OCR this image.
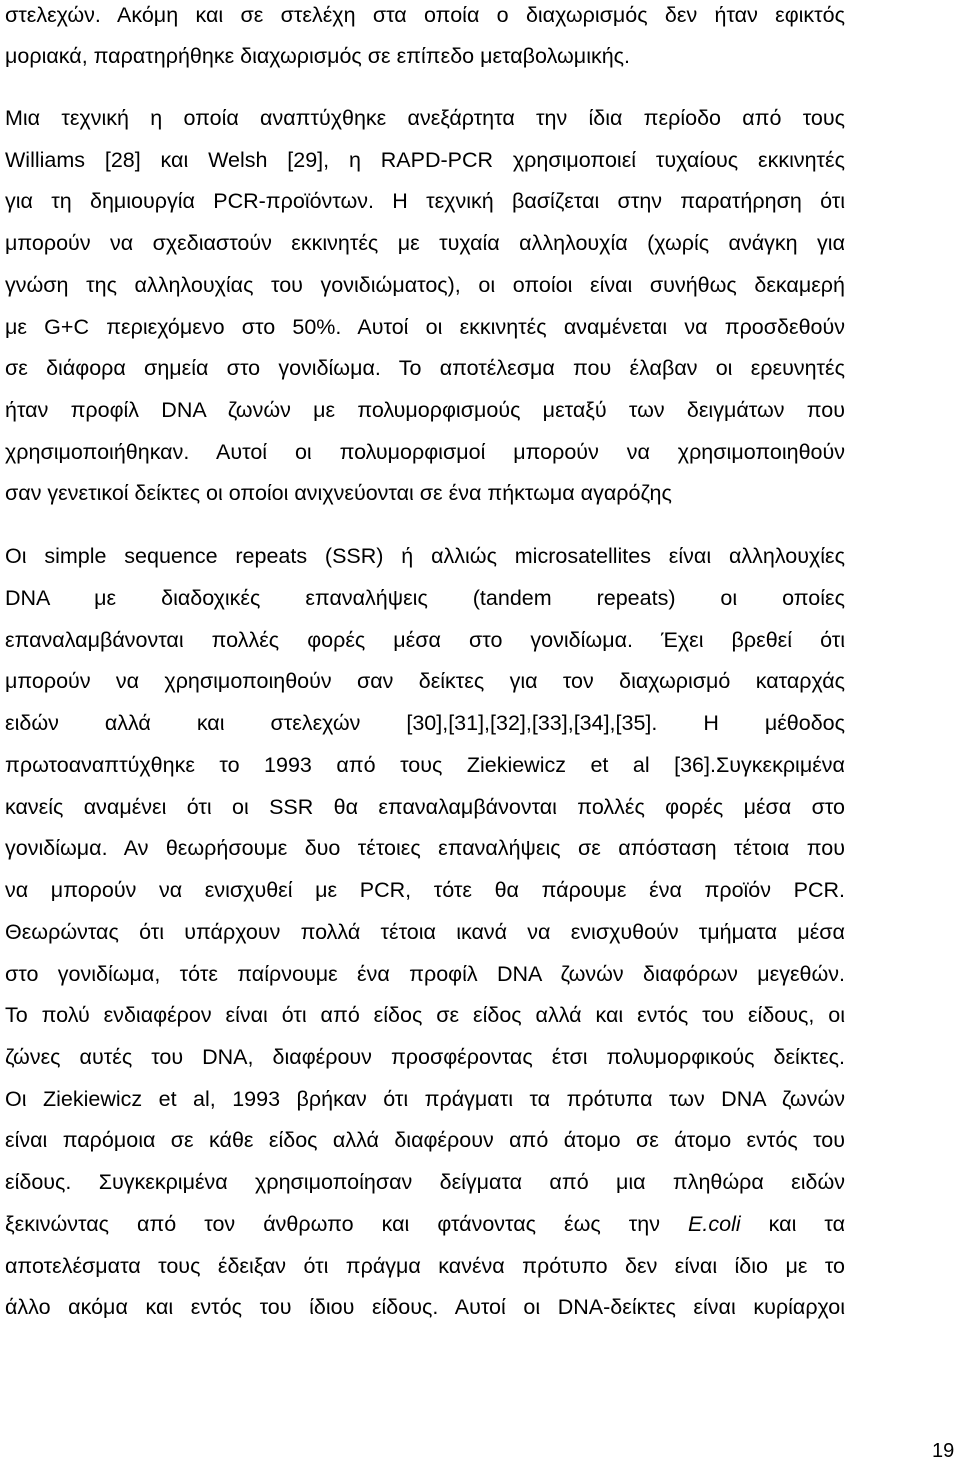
στελεχών. Ακόμη και σε στελέχη στα οποία ο διαχωρισμός δεν ήταν εφικτός
μοριακά, παρατηρήθηκε διαχωρισμός σε επίπεδο μεταβολωμικής.
Μια τεχνική η οποία αναπτύχθηκε ανεξάρτητα την ίδια περίοδο από τους
Williams [28] και Welsh [29], η RAPD-PCR χρησιμοποιεί τυχαίους εκκινητές
για τη δημιουργία PCR-προϊόντων. Η τεχνική βασίζεται στην παρατήρηση ότι
μπορούν να σχεδιαστούν εκκινητές με τυχαία αλληλουχία (χωρίς ανάγκη για
γνώση της αλληλουχίας του γονιδιώματος), οι οποίοι είναι συνήθως δεκαμερή
με G+C περιεχόμενο στο 50%. Αυτοί οι εκκινητές αναμένεται να προσδεθούν
σε διάφορα σημεία στο γονιδίωμα. Το αποτέλεσμα που έλαβαν οι ερευνητές
ήταν προφίλ DNA ζωνών με πολυμορφισμούς μεταξύ των δειγμάτων που
χρησιμοποιήθηκαν. Αυτοί οι πολυμορφισμοί μπορούν να χρησιμοποιηθούν
σαν γενετικοί δείκτες οι οποίοι ανιχνεύονται σε ένα πήκτωμα αγαρόζης
Οι simple sequence repeats (SSR) ή αλλιώς microsatellites είναι αλληλουχίες
DNA με διαδοχικές επαναλήψεις (tandem repeats) οι οποίες
επαναλαμβάνονται πολλές φορές μέσα στο γονιδίωμα. Έχει βρεθεί ότι
μπορούν να χρησιμοποιηθούν σαν δείκτες για τον διαχωρισμό καταρχάς
ειδών αλλά και στελεχών [30],[31],[32],[33],[34],[35]. Η μέθοδος
πρωτοαναπτύχθηκε το 1993 από τους Ziekiewicz et al [36].Συγκεκριμένα
κανείς αναμένει ότι οι SSR θα επαναλαμβάνονται πολλές φορές μέσα στο
γονιδίωμα. Αν θεωρήσουμε δυο τέτοιες επαναλήψεις σε απόσταση τέτοια που
να μπορούν να ενισχυθεί με PCR, τότε θα πάρουμε ένα προϊόν PCR.
Θεωρώντας ότι υπάρχουν πολλά τέτοια ικανά να ενισχυθούν τμήματα μέσα
στο γονιδίωμα, τότε παίρνουμε ένα προφίλ DNA ζωνών διαφόρων μεγεθών.
Το πολύ ενδιαφέρον είναι ότι από είδος σε είδος αλλά και εντός του είδους, οι
ζώνες αυτές του DNA, διαφέρουν προσφέροντας έτσι πολυμορφικούς δείκτες.
Οι Ziekiewicz et al, 1993 βρήκαν ότι πράγματι τα πρότυπα των DNA ζωνών
είναι παρόμοια σε κάθε είδος αλλά διαφέρουν από άτομο σε άτομο εντός του
είδους. Συγκεκριμένα χρησιμοποίησαν δείγματα από μια πληθώρα ειδών
ξεκινώντας από τον άνθρωπο και φτάνοντας έως την E.coli και τα
αποτελέσματα τους έδειξαν ότι πράγμα κανένα πρότυπο δεν είναι ίδιο με το
άλλο ακόμα και εντός του ίδιου είδους. Αυτοί οι DNA-δείκτες είναι κυρίαρχοι
19
